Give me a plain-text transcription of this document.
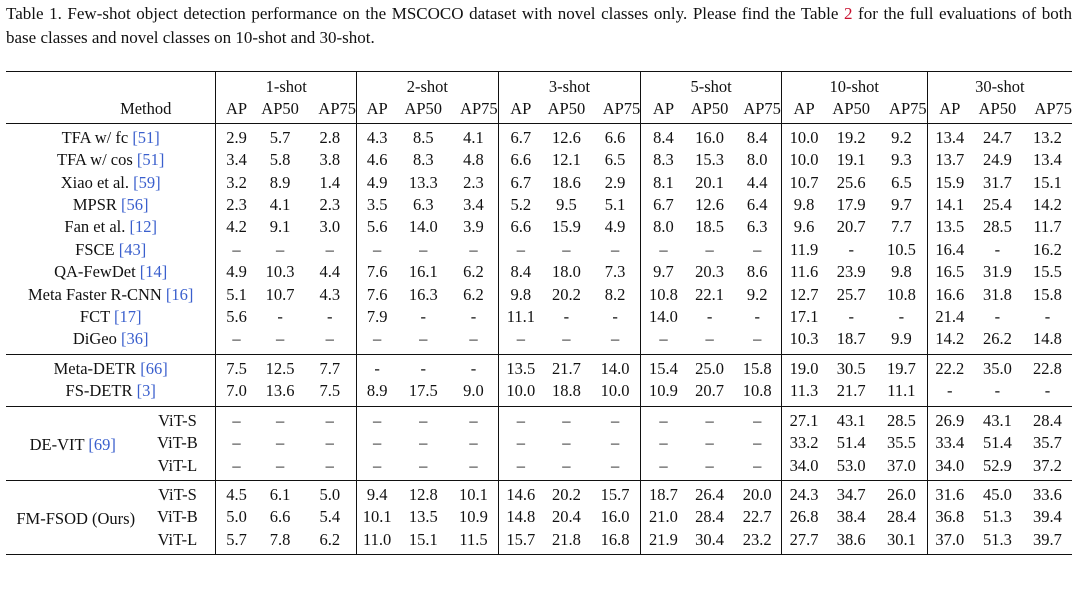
Table 1. Few-shot object detection performance on the MSCOCO dataset with novel classes only. Please find the Table 2 for the full evaluations of both base classes and novel classes on 10-shot and 30-shot.
		1-shot			2-shot			3-shot			5-shot			10-shot			30-shot		
Method		AP	AP50	AP75	AP	AP50	AP75	AP	AP50	AP75	AP	AP50	AP75	AP	AP50	AP75	AP	AP50	AP75
TFA w/ fc [51]		2.9	5.7	2.8	4.3	8.5	4.1	6.7	12.6	6.6	8.4	16.0	8.4	10.0	19.2	9.2	13.4	24.7	13.2
TFA w/ cos [51]		3.4	5.8	3.8	4.6	8.3	4.8	6.6	12.1	6.5	8.3	15.3	8.0	10.0	19.1	9.3	13.7	24.9	13.4
Xiao et al. [59]		3.2	8.9	1.4	4.9	13.3	2.3	6.7	18.6	2.9	8.1	20.1	4.4	10.7	25.6	6.5	15.9	31.7	15.1
MPSR [56]		2.3	4.1	2.3	3.5	6.3	3.4	5.2	9.5	5.1	6.7	12.6	6.4	9.8	17.9	9.7	14.1	25.4	14.2
Fan et al. [12]		4.2	9.1	3.0	5.6	14.0	3.9	6.6	15.9	4.9	8.0	18.5	6.3	9.6	20.7	7.7	13.5	28.5	11.7
FSCE [43]		–	–	–	–	–	–	–	–	–	–	–	–	11.9	-	10.5	16.4	-	16.2
QA-FewDet [14]		4.9	10.3	4.4	7.6	16.1	6.2	8.4	18.0	7.3	9.7	20.3	8.6	11.6	23.9	9.8	16.5	31.9	15.5
Meta Faster R-CNN [16]		5.1	10.7	4.3	7.6	16.3	6.2	9.8	20.2	8.2	10.8	22.1	9.2	12.7	25.7	10.8	16.6	31.8	15.8
FCT [17]		5.6	-	-	7.9	-	-	11.1	-	-	14.0	-	-	17.1	-	-	21.4	-	-
DiGeo [36]		–	–	–	–	–	–	–	–	–	–	–	–	10.3	18.7	9.9	14.2	26.2	14.8
Meta-DETR [66]		7.5	12.5	7.7	-	-	-	13.5	21.7	14.0	15.4	25.0	15.8	19.0	30.5	19.7	22.2	35.0	22.8
FS-DETR [3]		7.0	13.6	7.5	8.9	17.5	9.0	10.0	18.8	10.0	10.9	20.7	10.8	11.3	21.7	11.1	-	-	-
DE-VIT [69]	ViT-S	–	–	–	–	–	–	–	–	–	–	–	–	27.1	43.1	28.5	26.9	43.1	28.4
	ViT-B	–	–	–	–	–	–	–	–	–	–	–	–	33.2	51.4	35.5	33.4	51.4	35.7
	ViT-L	–	–	–	–	–	–	–	–	–	–	–	–	34.0	53.0	37.0	34.0	52.9	37.2
FM-FSOD (Ours)	ViT-S	4.5	6.1	5.0	9.4	12.8	10.1	14.6	20.2	15.7	18.7	26.4	20.0	24.3	34.7	26.0	31.6	45.0	33.6
	ViT-B	5.0	6.6	5.4	10.1	13.5	10.9	14.8	20.4	16.0	21.0	28.4	22.7	26.8	38.4	28.4	36.8	51.3	39.4
	ViT-L	5.7	7.8	6.2	11.0	15.1	11.5	15.7	21.8	16.8	21.9	30.4	23.2	27.7	38.6	30.1	37.0	51.3	39.7
